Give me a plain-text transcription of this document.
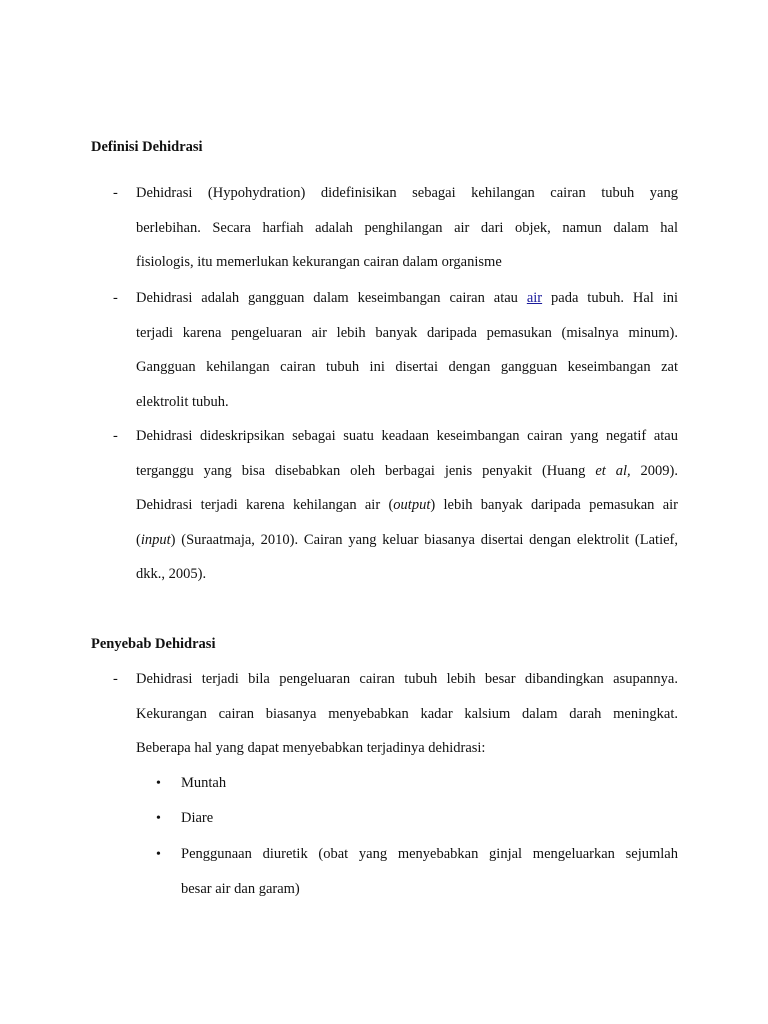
Definisi Dehidrasi
- Dehidrasi (Hypohydration) didefinisikan sebagai kehilangan cairan tubuh yang
berlebihan. Secara harfiah adalah penghilangan air dari objek, namun dalam hal
fisiologis, itu memerlukan kekurangan cairan dalam organisme
- Dehidrasi adalah gangguan dalam keseimbangan cairan atau air pada tubuh. Hal ini
terjadi karena pengeluaran air lebih banyak daripada pemasukan (misalnya minum).
Gangguan kehilangan cairan tubuh ini disertai dengan gangguan keseimbangan zat
elektrolit tubuh.
- Dehidrasi dideskripsikan sebagai suatu keadaan keseimbangan cairan yang negatif atau
terganggu yang bisa disebabkan oleh berbagai jenis penyakit (Huang et al, 2009).
Dehidrasi terjadi karena kehilangan air (output) lebih banyak daripada pemasukan air
(input) (Suraatmaja, 2010). Cairan yang keluar biasanya disertai dengan elektrolit (Latief,
dkk., 2005).
Penyebab Dehidrasi
- Dehidrasi terjadi bila pengeluaran cairan tubuh lebih besar dibandingkan asupannya.
Kekurangan cairan biasanya menyebabkan kadar kalsium dalam darah meningkat.
Beberapa hal yang dapat menyebabkan terjadinya dehidrasi:
• Muntah
• Diare
• Penggunaan diuretik (obat yang menyebabkan ginjal mengeluarkan sejumlah
besar air dan garam)
